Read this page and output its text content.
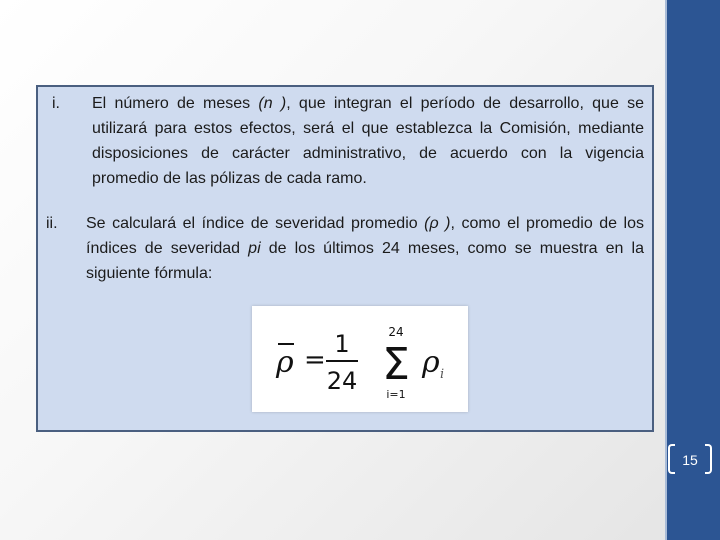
15
i. El número de meses (n ), que integran el período de desarrollo, que se utilizará para estos efectos, será el que establezca la Comisión, mediante disposiciones de carácter administrativo, de acuerdo con la vigencia promedio de las pólizas de cada ramo.
ii. Se calculará el índice de severidad promedio (ρ ), como el promedio de los índices de severidad pi de los últimos 24 meses, como se muestra en la siguiente fórmula:
ρ =
1
24
24
Σ
i=1
ρ i
